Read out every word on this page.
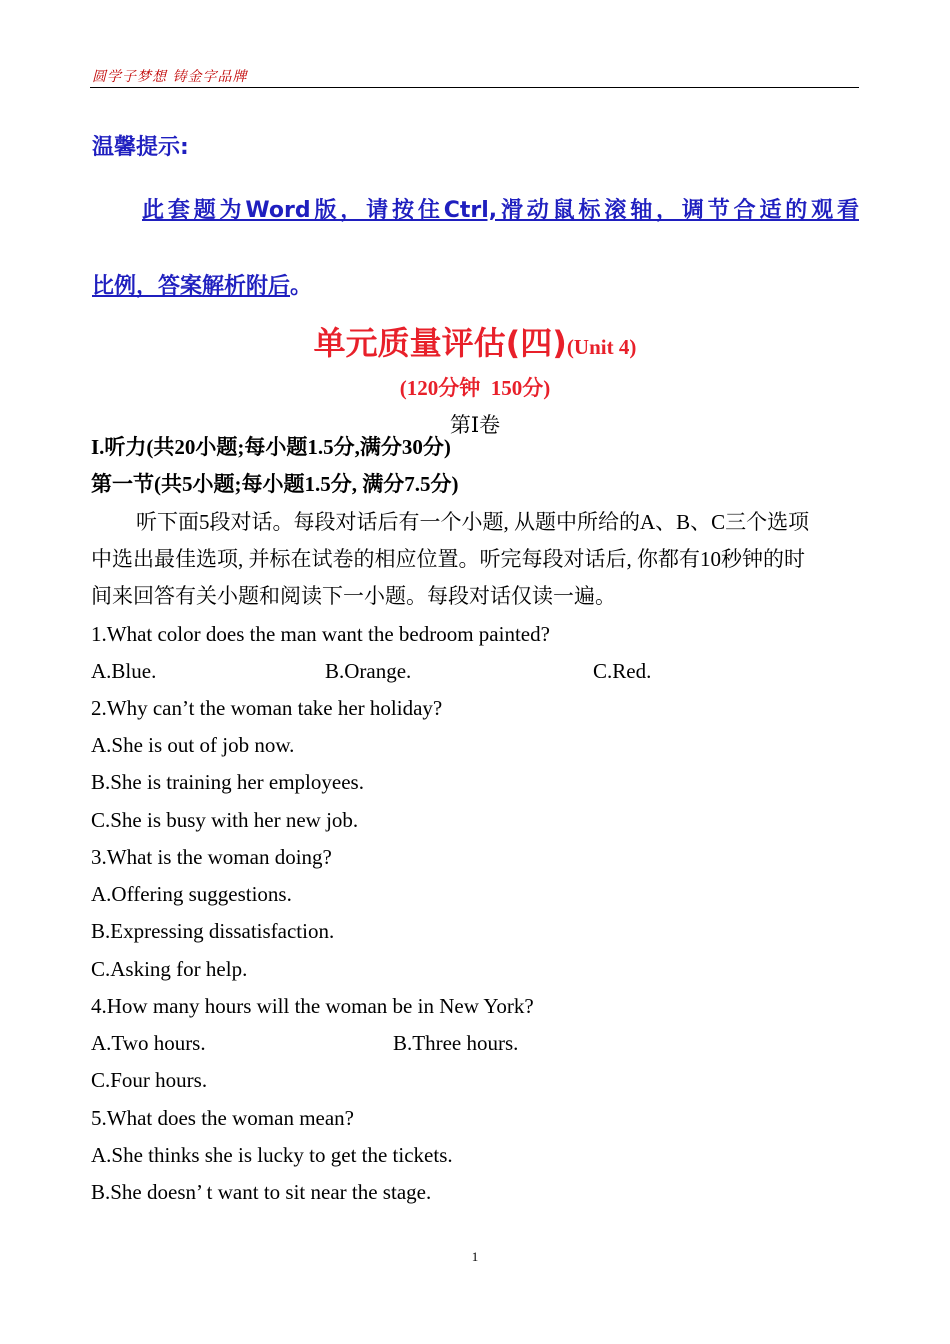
圆学子梦想 铸金字品牌
温馨提示:
此套题为Word版，请按住Ctrl,滑动鼠标滚轴，调节合适的观看
比例，答案解析附后。
单元质量评估(四)(Unit 4)
(120分钟  150分)
第Ⅰ卷
I.听力(共20小题;每小题1.5分,满分30分)
第一节(共5小题;每小题1.5分, 满分7.5分)
听下面5段对话。每段对话后有一个小题, 从题中所给的A、B、C三个选项
中选出最佳选项, 并标在试卷的相应位置。听完每段对话后, 你都有10秒钟的时
间来回答有关小题和阅读下一小题。每段对话仅读一遍。
1.What color does the man want the bedroom painted?
A.Blue.	B.Orange.	C.Red.
2.Why can’t the woman take her holiday?
A.She is out of job now.
B.She is training her employees.
C.She is busy with her new job.
3.What is the woman doing?
A.Offering suggestions.
B.Expressing dissatisfaction.
C.Asking for help.
4.How many hours will the woman be in New York?
A.Two hours.	B.Three hours.
C.Four hours.
5.What does the woman mean?
A.She thinks she is lucky to get the tickets.
B.She doesn’ t want to sit near the stage.
1
